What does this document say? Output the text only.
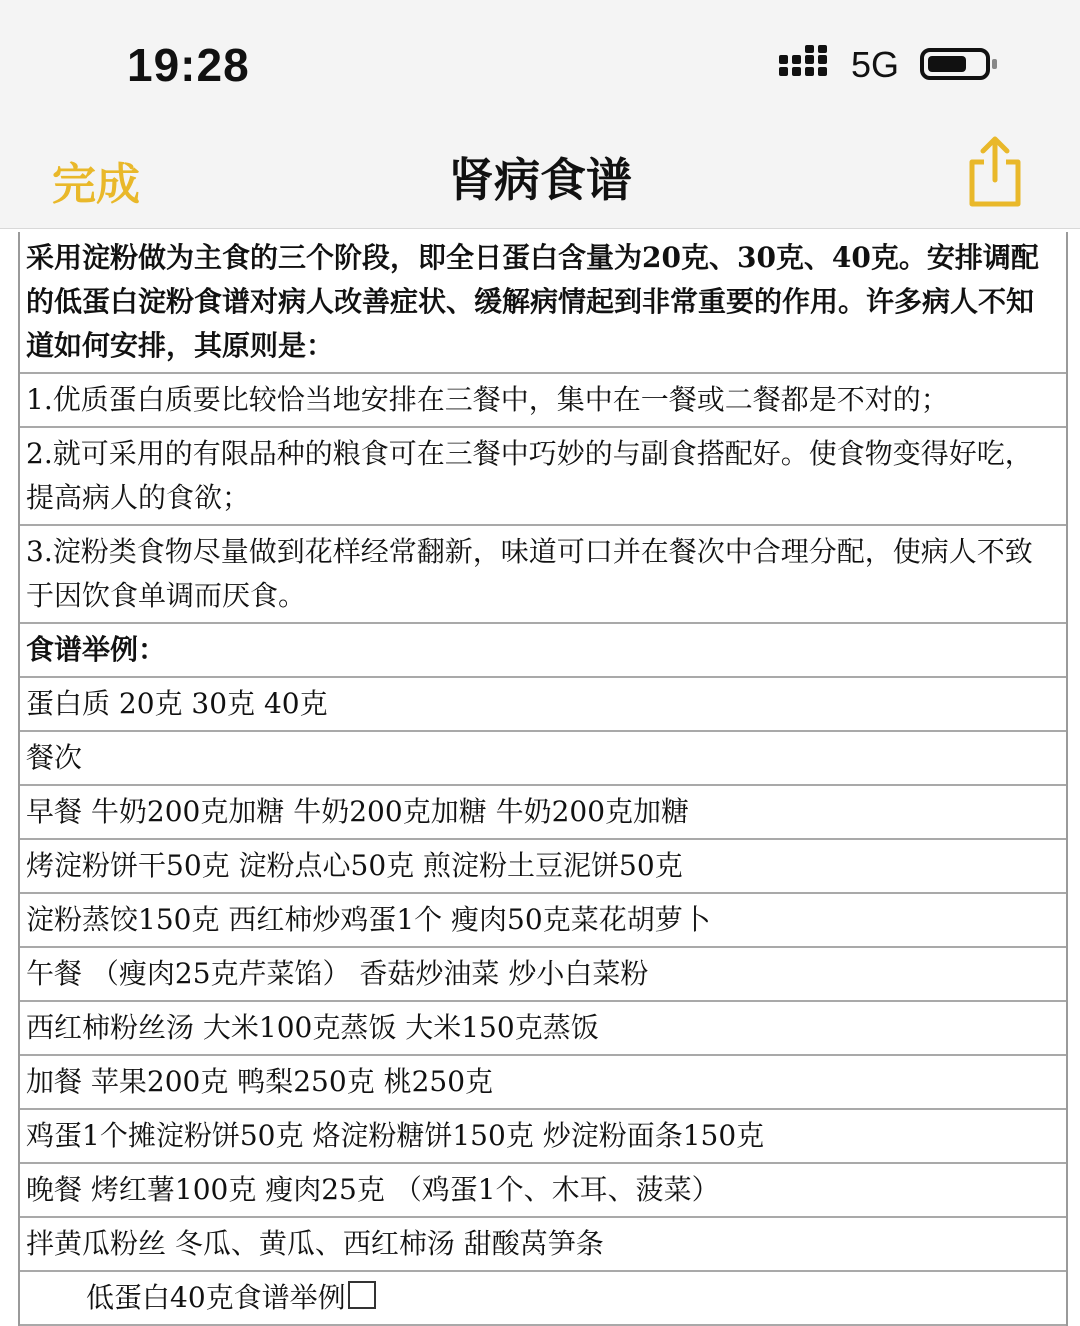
19:28	5G
完成	肾病食谱
采用淀粉做为主食的三个阶段，即全日蛋白含量为20克、30克、40克。安排调配的低蛋白淀粉食谱对病人改善症状、缓解病情起到非常重要的作用。许多病人不知道如何安排，其原则是：
1.优质蛋白质要比较恰当地安排在三餐中，集中在一餐或二餐都是不对的；
2.就可采用的有限品种的粮食可在三餐中巧妙的与副食搭配好。使食物变得好吃，提高病人的食欲；
3.淀粉类食物尽量做到花样经常翻新，味道可口并在餐次中合理分配，使病人不致于因饮食单调而厌食。
食谱举例：
蛋白质 20克 30克 40克
餐次
早餐 牛奶200克加糖 牛奶200克加糖 牛奶200克加糖
烤淀粉饼干50克 淀粉点心50克 煎淀粉土豆泥饼50克
淀粉蒸饺150克 西红柿炒鸡蛋1个 瘦肉50克菜花胡萝卜
午餐 （瘦肉25克芹菜馅） 香菇炒油菜 炒小白菜粉
西红柿粉丝汤 大米100克蒸饭 大米150克蒸饭
加餐 苹果200克 鸭梨250克 桃250克
鸡蛋1个摊淀粉饼50克 烙淀粉糖饼150克 炒淀粉面条150克
晚餐 烤红薯100克 瘦肉25克 （鸡蛋1个、木耳、菠菜）
拌黄瓜粉丝 冬瓜、黄瓜、西红柿汤 甜酸莴笋条
低蛋白40克食谱举例
